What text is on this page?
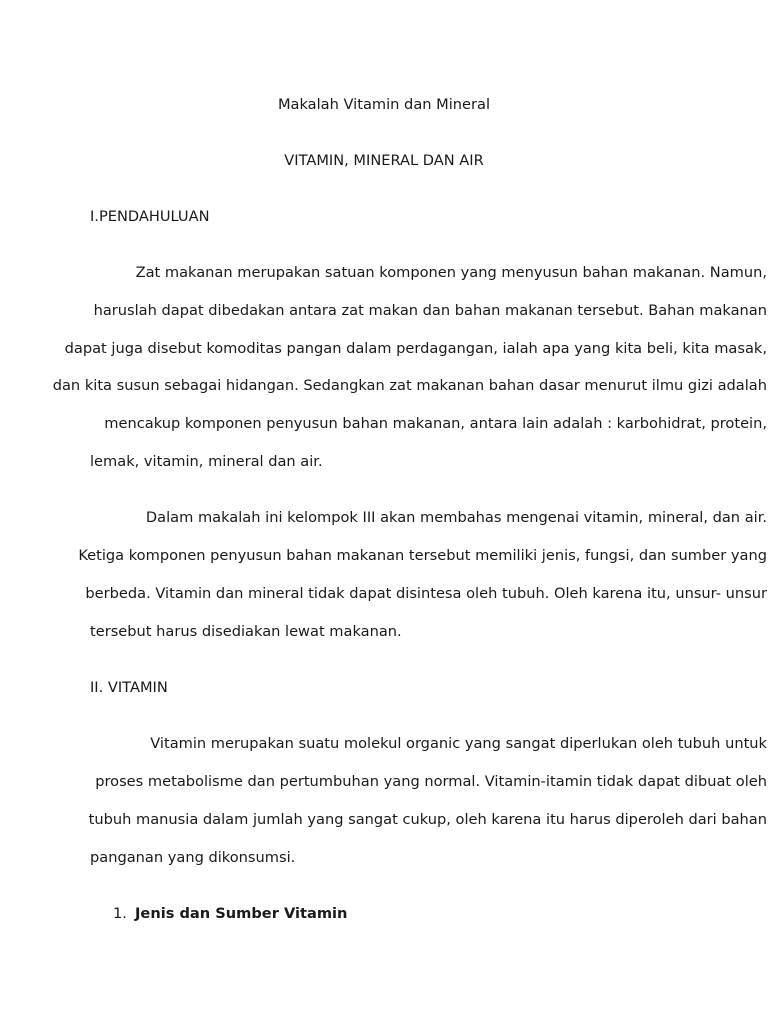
Makalah Vitamin dan Mineral
VITAMIN, MINERAL DAN AIR
I.PENDAHULUAN
Zat makanan merupakan satuan komponen yang menyusun bahan makanan. Namun,
haruslah dapat dibedakan antara zat makan dan bahan makanan tersebut. Bahan makanan
dapat juga disebut komoditas pangan dalam perdagangan, ialah apa yang kita beli, kita masak,
dan kita susun sebagai hidangan. Sedangkan zat makanan bahan dasar menurut ilmu gizi adalah
mencakup komponen penyusun bahan makanan, antara lain adalah : karbohidrat, protein,
lemak, vitamin, mineral dan air.
Dalam makalah ini kelompok III akan membahas mengenai vitamin, mineral, dan air.
Ketiga komponen penyusun bahan makanan tersebut memiliki jenis, fungsi, dan sumber yang
berbeda. Vitamin dan mineral tidak dapat disintesa oleh tubuh. Oleh karena itu, unsur- unsur
tersebut harus disediakan lewat makanan.
II. VITAMIN
Vitamin merupakan suatu molekul organic yang sangat diperlukan oleh tubuh untuk
proses metabolisme dan pertumbuhan yang normal. Vitamin-itamin tidak dapat dibuat oleh
tubuh manusia dalam jumlah yang sangat cukup, oleh karena itu harus diperoleh dari bahan
panganan yang dikonsumsi.
1. Jenis dan Sumber Vitamin
